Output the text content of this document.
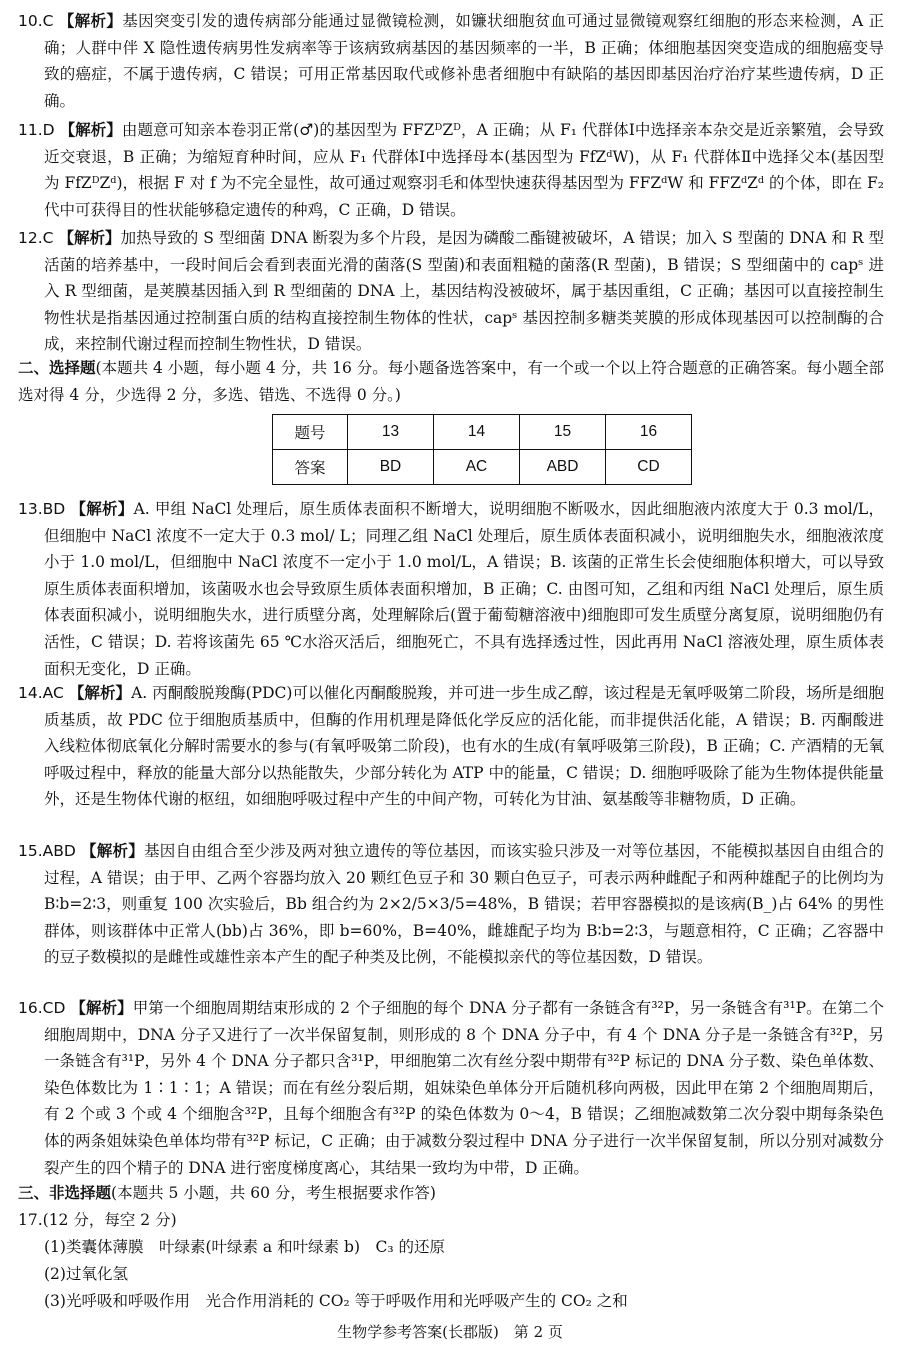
10.C 【解析】基因突变引发的遗传病部分能通过显微镜检测，如镰状细胞贫血可通过显微镜观察红细胞的形态来检测，A 正确；人群中伴 X 隐性遗传病男性发病率等于该病致病基因的基因频率的一半，B 正确；体细胞基因突变造成的细胞癌变导致的癌症，不属于遗传病，C 错误；可用正常基因取代或修补患者细胞中有缺陷的基因即基因治疗治疗某些遗传病，D 正确。
11.D 【解析】由题意可知亲本卷羽正常(♂)的基因型为 FFZᴰZᴰ，A 正确；从 F₁ 代群体Ⅰ中选择亲本杂交是近亲繁殖，会导致近交衰退，B 正确；为缩短育种时间，应从 F₁ 代群体Ⅰ中选择母本(基因型为 FfZᵈW)，从 F₁ 代群体Ⅱ中选择父本(基因型为 FfZᴰZᵈ)，根据 F 对 f 为不完全显性，故可通过观察羽毛和体型快速获得基因型为 FFZᵈW 和 FFZᵈZᵈ 的个体，即在 F₂ 代中可获得目的性状能够稳定遗传的种鸡，C 正确，D 错误。
12.C 【解析】加热导致的 S 型细菌 DNA 断裂为多个片段，是因为磷酸二酯键被破坏，A 错误；加入 S 型菌的 DNA 和 R 型活菌的培养基中，一段时间后会看到表面光滑的菌落(S 型菌)和表面粗糙的菌落(R 型菌)，B 错误；S 型细菌中的 capˢ 进入 R 型细菌，是荚膜基因插入到 R 型细菌的 DNA 上，基因结构没被破坏，属于基因重组，C 正确；基因可以直接控制生物性状是指基因通过控制蛋白质的结构直接控制生物体的性状，capˢ 基因控制多糖类荚膜的形成体现基因可以控制酶的合成，来控制代谢过程而控制生物性状，D 错误。
二、选择题(本题共 4 小题，每小题 4 分，共 16 分。每小题备选答案中，有一个或一个以上符合题意的正确答案。每小题全部选对得 4 分，少选得 2 分，多选、错选、不选得 0 分。)
题号	13	14	15	16
答案	BD	AC	ABD	CD
13.BD 【解析】A. 甲组 NaCl 处理后，原生质体表面积不断增大，说明细胞不断吸水，因此细胞液内浓度大于 0.3 mol/L，但细胞中 NaCl 浓度不一定大于 0.3 mol/ L；同理乙组 NaCl 处理后，原生质体表面积减小，说明细胞失水，细胞液浓度小于 1.0 mol/L，但细胞中 NaCl 浓度不一定小于 1.0 mol/L，A 错误；B. 该菌的正常生长会使细胞体积增大，可以导致原生质体表面积增加，该菌吸水也会导致原生质体表面积增加，B 正确；C. 由图可知，乙组和丙组 NaCl 处理后，原生质体表面积减小，说明细胞失水，进行质壁分离，处理解除后(置于葡萄糖溶液中)细胞即可发生质壁分离复原，说明细胞仍有活性，C 错误；D. 若将该菌先 65 ℃水浴灭活后，细胞死亡，不具有选择透过性，因此再用 NaCl 溶液处理，原生质体表面积无变化，D 正确。
14.AC 【解析】A. 丙酮酸脱羧酶(PDC)可以催化丙酮酸脱羧，并可进一步生成乙醇，该过程是无氧呼吸第二阶段，场所是细胞质基质，故 PDC 位于细胞质基质中，但酶的作用机理是降低化学反应的活化能，而非提供活化能，A 错误；B. 丙酮酸进入线粒体彻底氧化分解时需要水的参与(有氧呼吸第二阶段)，也有水的生成(有氧呼吸第三阶段)，B 正确；C. 产酒精的无氧呼吸过程中，释放的能量大部分以热能散失，少部分转化为 ATP 中的能量，C 错误；D. 细胞呼吸除了能为生物体提供能量外，还是生物体代谢的枢纽，如细胞呼吸过程中产生的中间产物，可转化为甘油、氨基酸等非糖物质，D 正确。
15.ABD 【解析】基因自由组合至少涉及两对独立遗传的等位基因，而该实验只涉及一对等位基因，不能模拟基因自由组合的过程，A 错误；由于甲、乙两个容器均放入 20 颗红色豆子和 30 颗白色豆子，可表示两种雌配子和两种雄配子的比例均为 B∶b=2∶3，则重复 100 次实验后，Bb 组合约为 2×2/5×3/5=48%，B 错误；若甲容器模拟的是该病(B_)占 64% 的男性群体，则该群体中正常人(bb)占 36%，即 b=60%，B=40%，雌雄配子均为 B∶b=2∶3，与题意相符，C 正确；乙容器中的豆子数模拟的是雌性或雄性亲本产生的配子种类及比例，不能模拟亲代的等位基因数，D 错误。
16.CD 【解析】甲第一个细胞周期结束形成的 2 个子细胞的每个 DNA 分子都有一条链含有³²P，另一条链含有³¹P。在第二个细胞周期中，DNA 分子又进行了一次半保留复制，则形成的 8 个 DNA 分子中，有 4 个 DNA 分子是一条链含有³²P，另一条链含有³¹P，另外 4 个 DNA 分子都只含³¹P，甲细胞第二次有丝分裂中期带有³²P 标记的 DNA 分子数、染色单体数、染色体数比为 1∶1∶1；A 错误；而在有丝分裂后期，姐妹染色单体分开后随机移向两极，因此甲在第 2 个细胞周期后，有 2 个或 3 个或 4 个细胞含³²P，且每个细胞含有³²P 的染色体数为 0～4，B 错误；乙细胞减数第二次分裂中期每条染色体的两条姐妹染色单体均带有³²P 标记，C 正确；由于减数分裂过程中 DNA 分子进行一次半保留复制，所以分别对减数分裂产生的四个精子的 DNA 进行密度梯度离心，其结果一致均为中带，D 正确。
三、非选择题(本题共 5 小题，共 60 分，考生根据要求作答)
17.(12 分，每空 2 分)
(1)类囊体薄膜　叶绿素(叶绿素 a 和叶绿素 b)　C₃ 的还原
(2)过氧化氢
(3)光呼吸和呼吸作用　光合作用消耗的 CO₂ 等于呼吸作用和光呼吸产生的 CO₂ 之和
生物学参考答案(长郡版)　第 2 页
